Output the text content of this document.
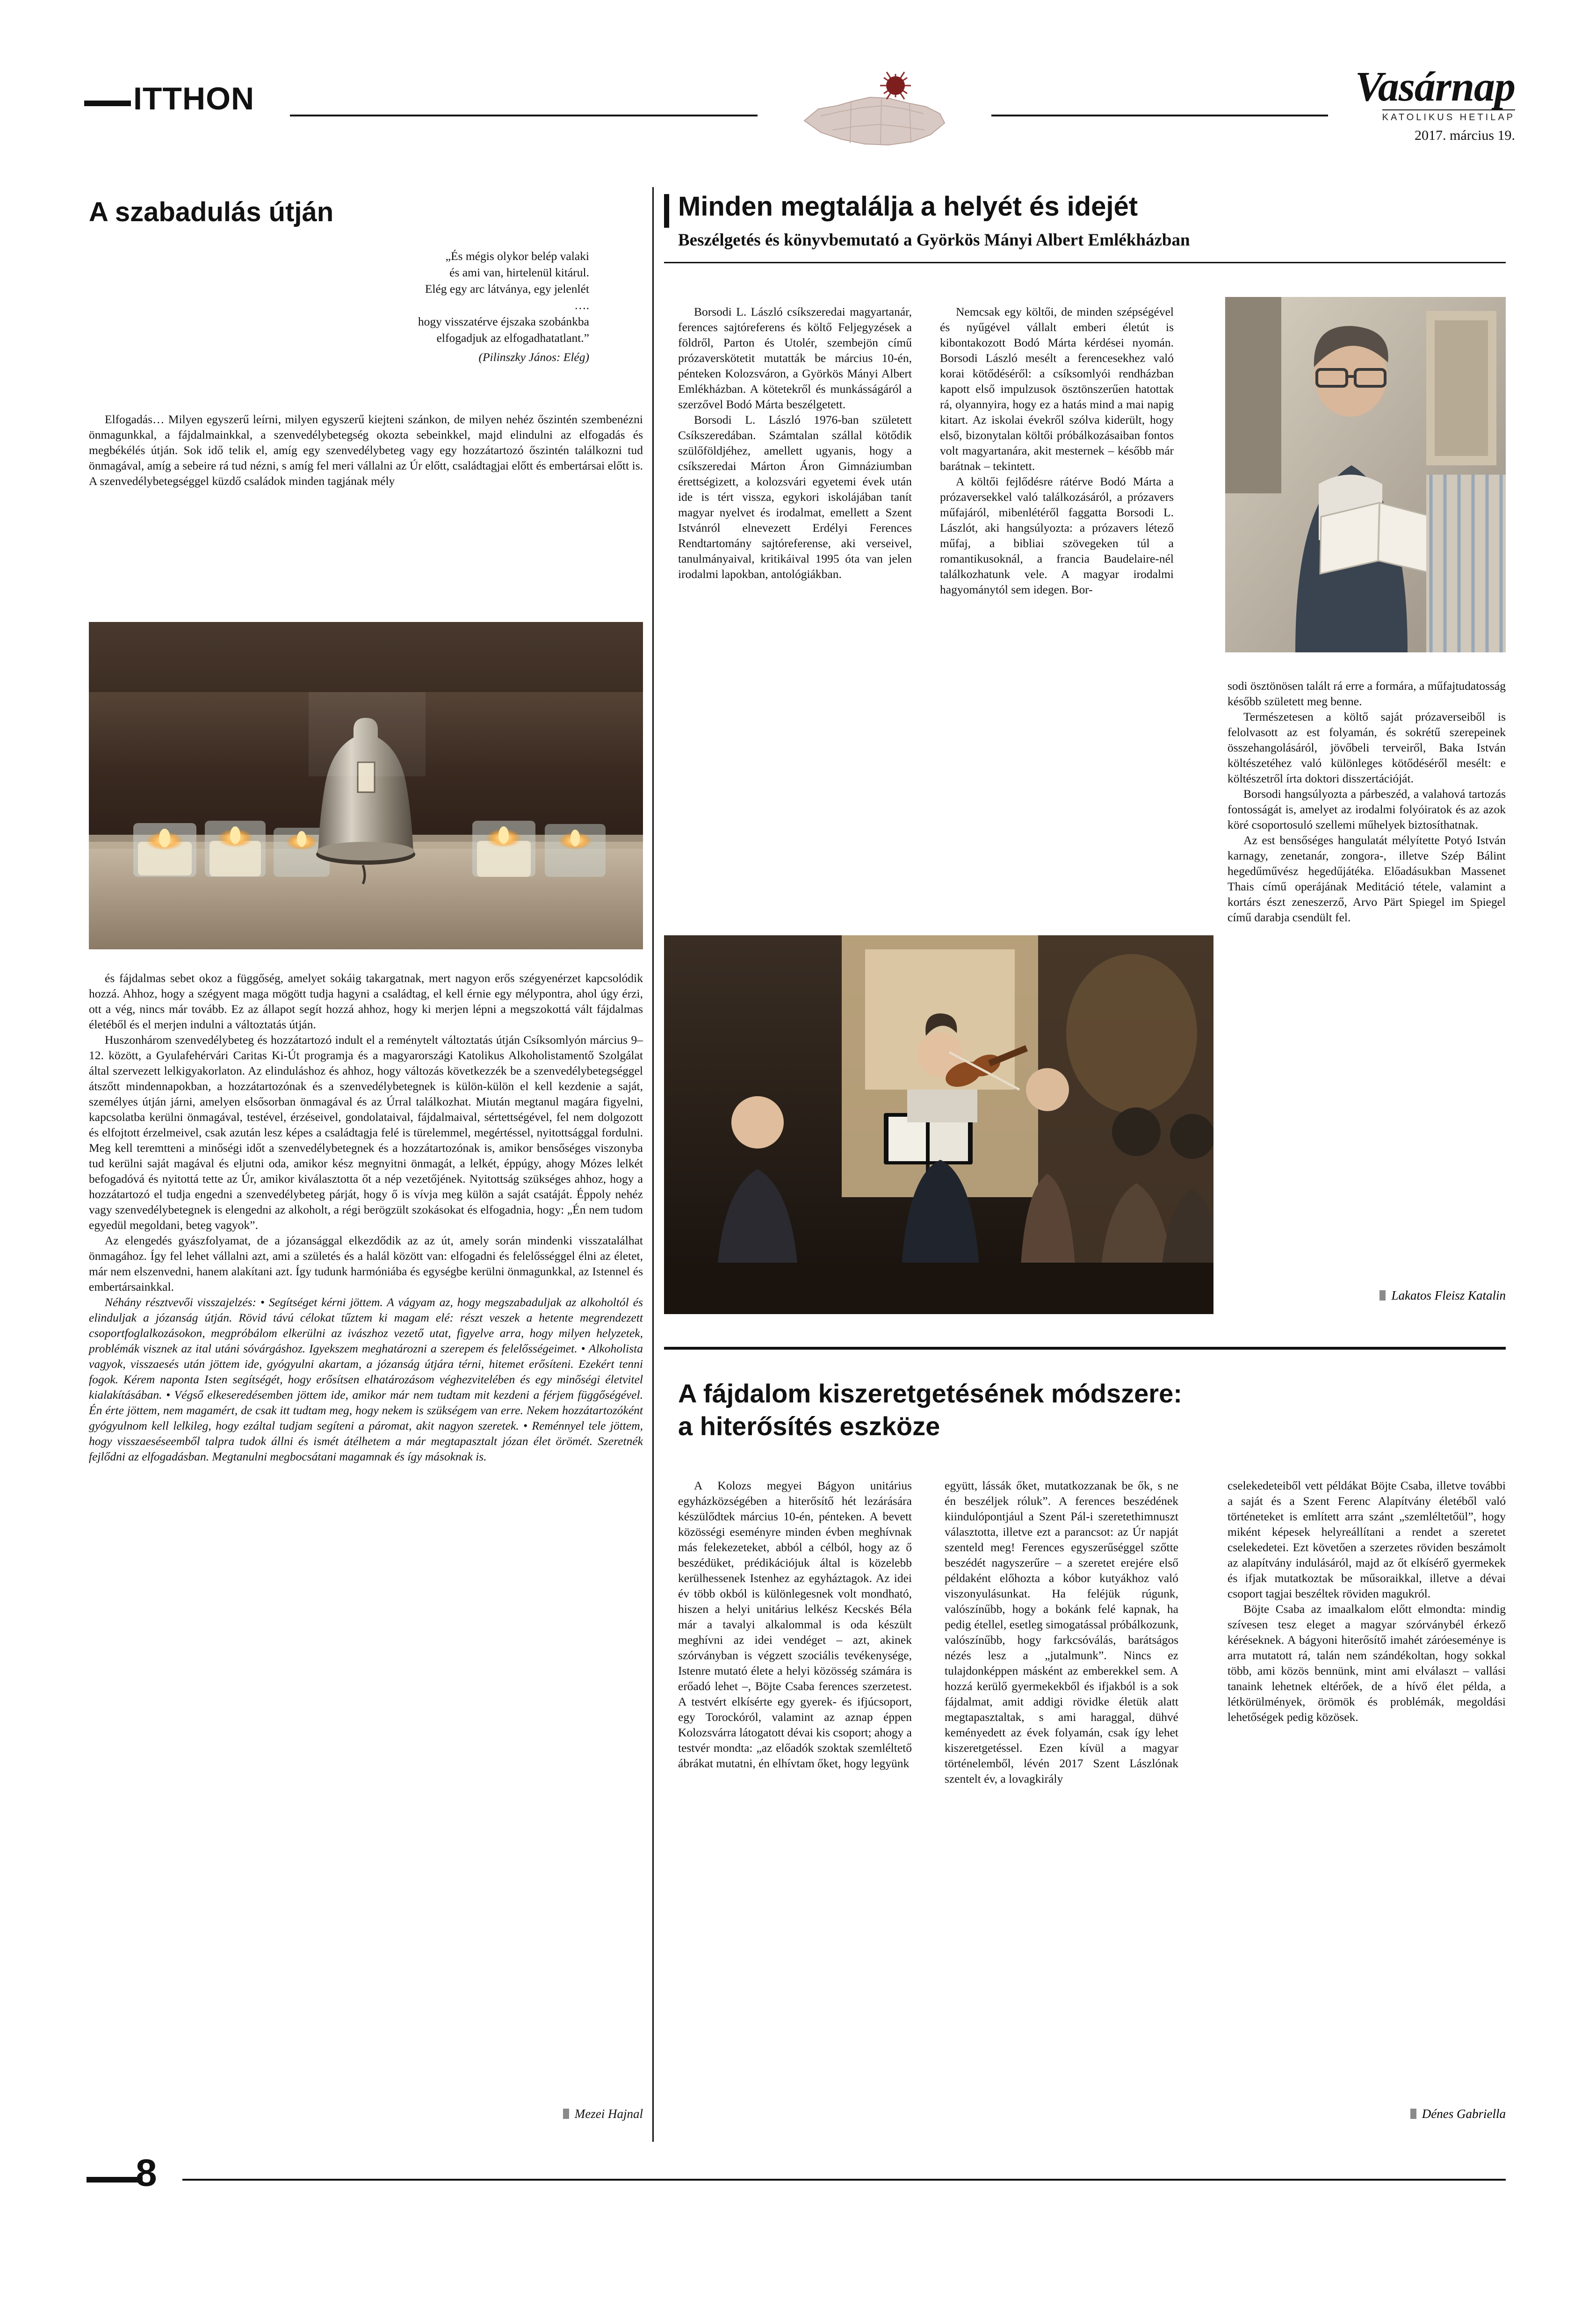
ITTHON	Vasárnap
KATOLIKUS HETILAP
2017. március 19.
A szabadulás útján
„És mégis olykor belép valaki
és ami van, hirtelenül kitárul.
Elég egy arc látványa, egy jelenlét
….
hogy visszatérve éjszaka szobánkba
elfogadjuk az elfogadhatatlant.”
(Pilinszky János: Elég)

Elfogadás… Milyen egyszerű leírni, milyen egyszerű kiejteni szánkon, de milyen nehéz őszintén szembenézni önmagunkkal, a fájdalmainkkal, a szenvedélybetegség okozta sebeinkkel, majd elindulni az elfogadás és megbékélés útján. Sok idő telik el, amíg egy szenvedélybeteg vagy egy hozzátartozó őszintén találkozni tud önmagával, amíg a sebeire rá tud nézni, s amíg fel meri vállalni az Úr előtt, családtagjai előtt és embertársai előtt is. A szenvedélybetegséggel küzdő családok minden tagjának mély

és fájdalmas sebet okoz a függőség, amelyet sokáig takargatnak, mert nagyon erős szégyenérzet kapcsolódik hozzá. Ahhoz, hogy a szégyent maga mögött tudja hagyni a családtag, el kell érnie egy mélypontra, ahol úgy érzi, ott a vég, nincs már tovább. Ez az állapot segít hozzá ahhoz, hogy ki merjen lépni a megszokottá vált fájdalmas életéből és el merjen indulni a változtatás útján.

Huszonhárom szenvedélybeteg és hozzátartozó indult el a reménytelt változtatás útján Csíksomlyón március 9–12. között, a Gyulafehérvári Caritas Ki-Út programja és a magyarországi Katolikus Alkoholistamentő Szolgálat által szervezett lelkigyakorlaton. Az elinduláshoz és ahhoz, hogy változás következzék be a szenvedélybetegséggel átszőtt mindennapokban, a hozzátartozónak és a szenvedélybetegnek is külön-külön el kell kezdenie a saját, személyes útján járni, amelyen elsősorban önmagával és az Úrral találkozhat. Miután megtanul magára figyelni, kapcsolatba kerülni önmagával, testével, érzéseivel, gondolataival, fájdalmaival, sértettségével, fel nem dolgozott és elfojtott érzelmeivel, csak azután lesz képes a családtagja felé is türelemmel, megértéssel, nyitottsággal fordulni. Meg kell teremtteni a minőségi időt a szenvedélybetegnek és a hozzátartozónak is, amikor bensőséges viszonyba tud kerülni saját magával és eljutni oda, amikor kész megnyitni önmagát, a lelkét, éppúgy, ahogy Mózes lelkét befogadóvá és nyitottá tette az Úr, amikor kiválasztotta őt a nép vezetőjének. Nyitottság szükséges ahhoz, hogy a hozzátartozó el tudja engedni a szenvedélybeteg párját, hogy ő is vívja meg külön a saját csatáját. Éppoly nehéz vagy szenvedélybetegnek is elengedni az alkoholt, a régi berögzült szokásokat és elfogadnia, hogy: „Én nem tudom egyedül megoldani, beteg vagyok”.

Az elengedés gyászfolyamat, de a józansággal elkezdődik az az út, amely során mindenki visszatalálhat önmagához. Így fel lehet vállalni azt, ami a születés és a halál között van: elfogadni és felelősséggel élni az életet, már nem elszenvedni, hanem alakítani azt. Így tudunk harmóniába és egységbe kerülni önmagunkkal, az Istennel és embertársainkkal.

Néhány résztvevői visszajelzés: • Segítséget kérni jöttem. A vágyam az, hogy megszabaduljak az alkoholtól és elinduljak a józanság útján. Rövid távú céloka​t tűztem ki magam elé: részt veszek a hetente megrendezett csoportfoglalkozásokon, megpróbálom elkerülni az ivászhoz vezető utat, figyelve arra, hogy milyen helyzetek, problémák visznek az ital utáni sóvárgáshoz. Igyekszem meghatározni a szerepem és felelősségeimet. • Alkoholista vagyok, visszaesés után jöttem ide, gyógyulni akartam, a józanság útjára térni, hitemet erősíteni. Ezekért tenni fogok. Kérem naponta Isten segítségét, hogy erősítsen elhatározásom véghezvitelében és egy minőségi életvitel kialakításában. • Végső elkeseredésemben jöttem ide, amikor már nem tudtam mit kezdeni a férjem függőségével. Én érte jöttem, nem magamért, de csak itt tudtam meg, hogy nekem is szükségem van erre. Nekem hozzátartozóként gyógyulnom kell lelkileg, hogy ezáltal tudjam segíteni a páromat, akit nagyon szeretek. • Reménnyel tele jöttem, hogy visszaeséseemből talpra tudok állni és ismét átélhetem a már megtapasztalt józan élet örömét. Szeretnék fejlődni az elfogadásban. Megtanulni megbocsátani magamnak és így másoknak is.

Mezei Hajnal
Minden megtalálja a helyét és idejét
Beszélgetés és könyvbemutató a Györkös Mányi Albert Emlékházban

Borsodi L. László csíkszeredai magyartanár, ferences sajtóreferens és költő Feljegyzések a földről, Parton és Utolér, szembejön című prózaverskötetit mutatták be március 10-én, pénteken Kolozsváron, a Györkös Mányi Albert Emlékházban. A kötetekről és munkásságáról a szerzővel Bodó Márta beszélgetett.

Borsodi L. László 1976-ban született Csíkszeredában. Számtalan szállal kötődik szülőföldjéhez, amellett ugyanis, hogy a csíkszeredai Márton Áron Gimnáziumban érettségizett, a kolozsvári egyetemi évek után ide is tért vissza, egykori iskolájában tanít magyar nyelvet és irodalmat, emellett a Szent Istvánról elnevezett Erdélyi Ferences Rendtartomány sajtóreferense, aki verseivel, tanulmányaival, kritikáival 1995 óta van jelen irodalmi lapokban, antológiákban.

Nemcsak egy költői, de minden szépségével és nyűgével vállalt emberi életút is kibontakozott Bodó Márta kérdései nyomán. Borsodi László mesélt a ferencesekhez való korai kötődéséről: a csíksomlyói rendházban kapott első impulzusok ösztönszerűen hatottak rá, olyannyira, hogy ez a hatás mind a mai napig kitart. Az iskolai évekről szólva kiderült, hogy első, bizonytalan költői próbálkozásaiban fontos volt magyartanára, akit mesternek – később már barátnak – tekintett.

A költői fejlődésre rátérve Bodó Márta a prózaversekkel való találkozásáról, a prózavers műfajáról, mibenlétéről faggatta Borsodi L. Lászlót, aki hangsúlyozta: a prózavers létező műfaj, a bibliai szövegeken túl a romantikusoknál, a francia Baudelaire-nél találkozhatunk vele. A magyar irodalmi hagyománytól sem idegen. Bor-

sodi ösztönösen talált rá erre a formára, a műfajtudatosság később született meg benne.

Természetesen a költő saját prózaverseiből is felolvasott az est folyamán, és sokrétű szerepeinek összehangolásáról, jövőbeli terveiről, Baka István költészetéhez való különleges kötődéséről mesélt: e költészetről írta doktori disszertációját.

Borsodi hangsúlyozta a párbeszéd, a valahová tartozás fontosságát is, amelyet az irodalmi folyóiratok és az azok köré csoportosuló szellemi műhelyek biztosíthatnak.

Az est bensőséges hangulatát mélyítette Potyó István karnagy, zenetanár, zongora-, illetve Szép Bálint hegedűművész hegedűjátéka. Előadásukban Massenet Thais című operájának Meditáció tétele, valamint a kortárs észt zeneszerző, Arvo Pärt Spiegel im Spiegel című darabja csendült fel.

Lakatos Fleisz Katalin
A fájdalom kiszeretgetésének módszere:
a hiterősítés eszköze

A Kolozs megyei Bágyon unitárius egyházközségében a hiterősítő hét lezárására készülődtek március 10-én, pénteken. A bevett közösségi eseményre minden évben meghívnak más felekezeteket, abból a célból, hogy az ő beszédüket, prédikációjuk által is közelebb kerülhessenek Istenhez az egyháztagok. Az idei év több okból is különlegesnek volt mondható, hiszen a helyi unitárius lelkész Kecskés Béla már a tavalyi alkalommal is oda készült meghívni az idei vendéget – azt, akinek szórványban is végzett szociális tevékenysége, Istenre mutató élete a helyi közösség számára is erőadó lehet –, Böjte Csaba ferences szerzetest. A testvért elkísérte egy gyerek- és ifjúcsoport, egy Torockóról, valamint az aznap éppen Kolozsvárra látogatott dévai kis csoport; ahogy a testvér mondta: „az előadók szoktak szemléltető ábrákat mutatni, én elhívtam őket, hogy legyünk

együtt, lássák őket, mutatkozzanak be ők, s ne én beszéljek róluk”. A ferences beszédének kiindulópontjául a Szent Pál-i szeretethimnuszt választotta, illetve ezt a parancsot: az Úr napját szenteld meg! Ferences egyszerűséggel szőtte beszédét nagyszerűre – a szeretet erejére első példaként előhozta a kóbor kutyákhoz való viszonyulásunkat. Ha feléjük rúgunk, valószínűbb, hogy a bokánk felé kapnak, ha pedig étellel, esetleg simogatással próbálkozunk, valószínűbb, hogy farkcsóválás, barátságos nézés lesz a „jutalmunk”. Nincs ez tulajdonképpen másként az emberekkel sem. A hozzá kerülő gyermekekből és ifjakból is a sok fájdalmat, amit addigi rövidke életük alatt megtapasztaltak, s ami haraggal, dühvé keményedett az évek folyamán, csak így lehet kiszeretgetéssel. Ezen kívül a magyar történelemből, lévén 2017 Szent Lászlónak szentelt év, a lovagkirály

cselekedeteiből vett példákat Böjte Csaba, illetve további a saját és a Szent Ferenc Alapítvány életéből való történeteket is említett arra szánt „szemléltetőül”, hogy miként képesek helyreállítani a rendet a szeretet cselekedetei. Ezt követően a szerzetes röviden beszámolt az alapítvány indulásáról, majd az őt elkísérő gyermekek és ifjak mutatkoztak be műsoraikkal, illetve a dévai csoport tagjai beszéltek röviden magukról.

Böjte Csaba az imaalkalom előtt elmondta: mindig szívesen tesz eleget a magyar szórványbél érkező kéréseknek. A bágyoni hiterősítő imahét záróeseménye is arra mutatott rá, talán nem szándékoltan, hogy sokkal több, ami közös bennünk, mint ami elválaszt – vallási tanaink lehetnek eltérőek, de a hívő élet példa, a létkörülmények, örömök és problémák, megoldási lehetőségek pedig közösek.

Dénes Gabriella
8
